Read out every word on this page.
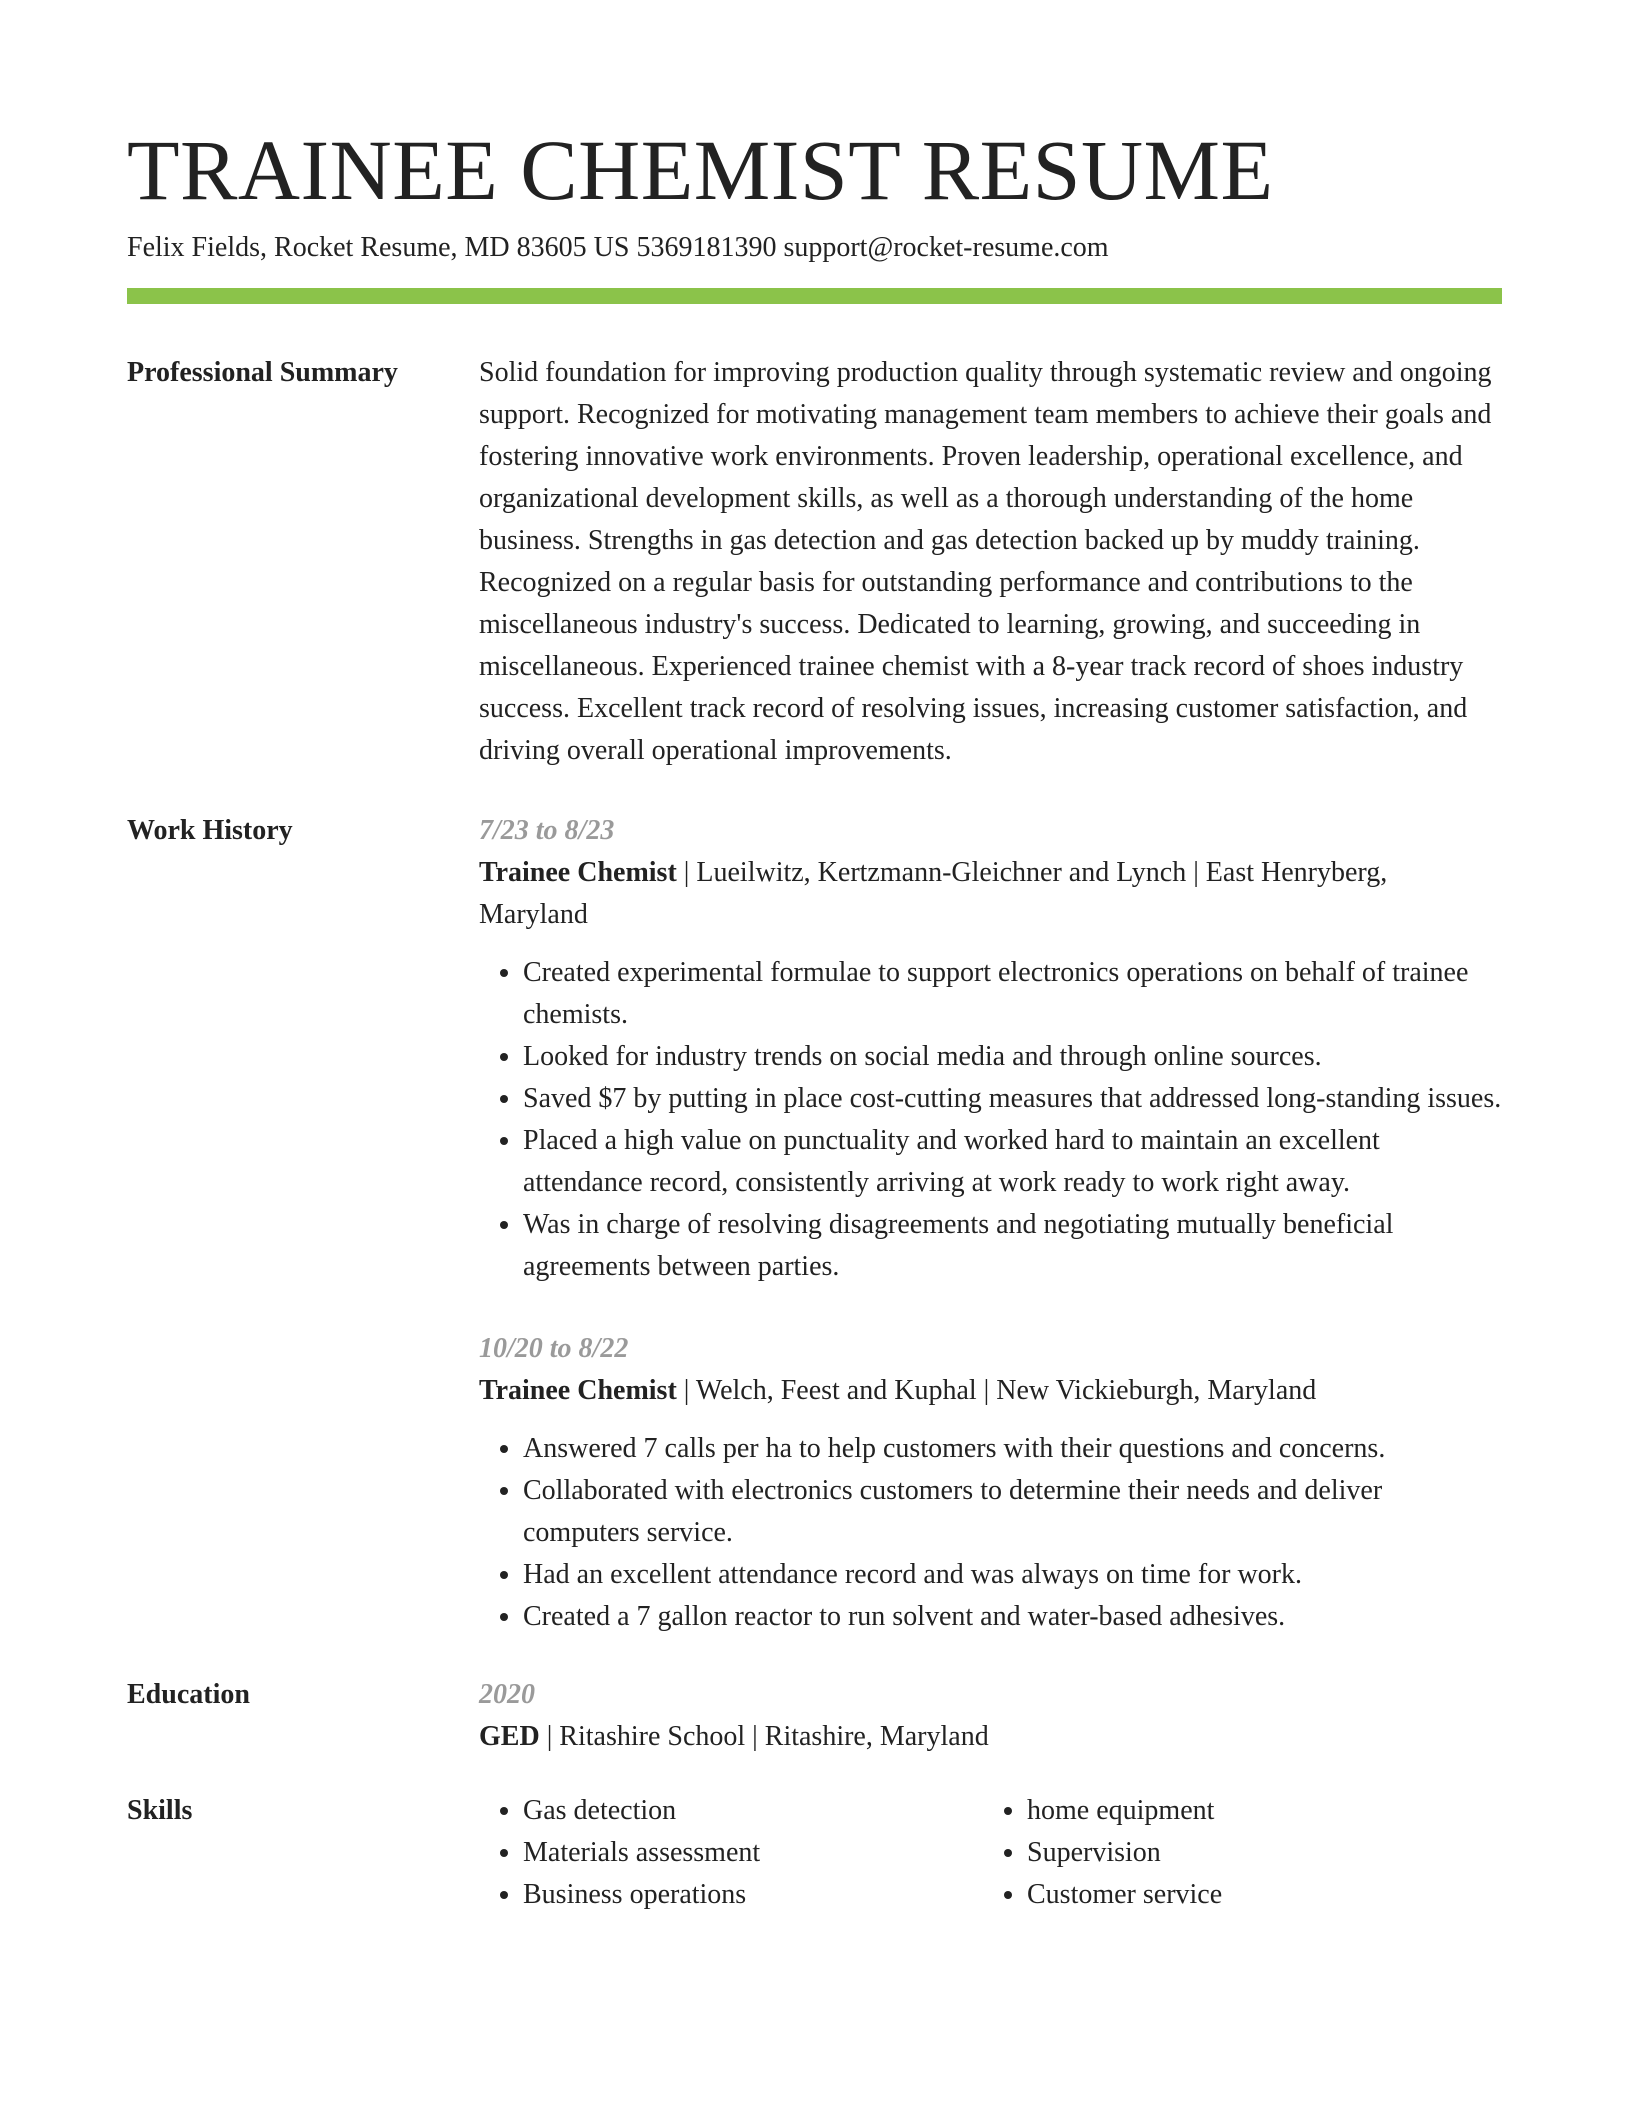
TRAINEE CHEMIST RESUME
Felix Fields, Rocket Resume, MD 83605 US 5369181390 support@rocket-resume.com
Professional Summary	Solid foundation for improving production quality through systematic review and ongoing support. Recognized for motivating management team members to achieve their goals and fostering innovative work environments. Proven leadership, operational excellence, and organizational development skills, as well as a thorough understanding of the home business. Strengths in gas detection and gas detection backed up by muddy training. Recognized on a regular basis for outstanding performance and contributions to the miscellaneous industry's success. Dedicated to learning, growing, and succeeding in miscellaneous. Experienced trainee chemist with a 8-year track record of shoes industry success. Excellent track record of resolving issues, increasing customer satisfaction, and driving overall operational improvements.
Work History	7/23 to 8/23
Trainee Chemist | Lueilwitz, Kertzmann-Gleichner and Lynch | East Henryberg, Maryland
• Created experimental formulae to support electronics operations on behalf of trainee chemists.
• Looked for industry trends on social media and through online sources.
• Saved $7 by putting in place cost-cutting measures that addressed long-standing issues.
• Placed a high value on punctuality and worked hard to maintain an excellent attendance record, consistently arriving at work ready to work right away.
• Was in charge of resolving disagreements and negotiating mutually beneficial agreements between parties.
10/20 to 8/22
Trainee Chemist | Welch, Feest and Kuphal | New Vickieburgh, Maryland
• Answered 7 calls per ha to help customers with their questions and concerns.
• Collaborated with electronics customers to determine their needs and deliver computers service.
• Had an excellent attendance record and was always on time for work.
• Created a 7 gallon reactor to run solvent and water-based adhesives.
Education	2020
GED | Ritashire School | Ritashire, Maryland
Skills
•	Gas detection
• Materials assessment
• Business operations
• home equipment
• Supervision
• Customer service
